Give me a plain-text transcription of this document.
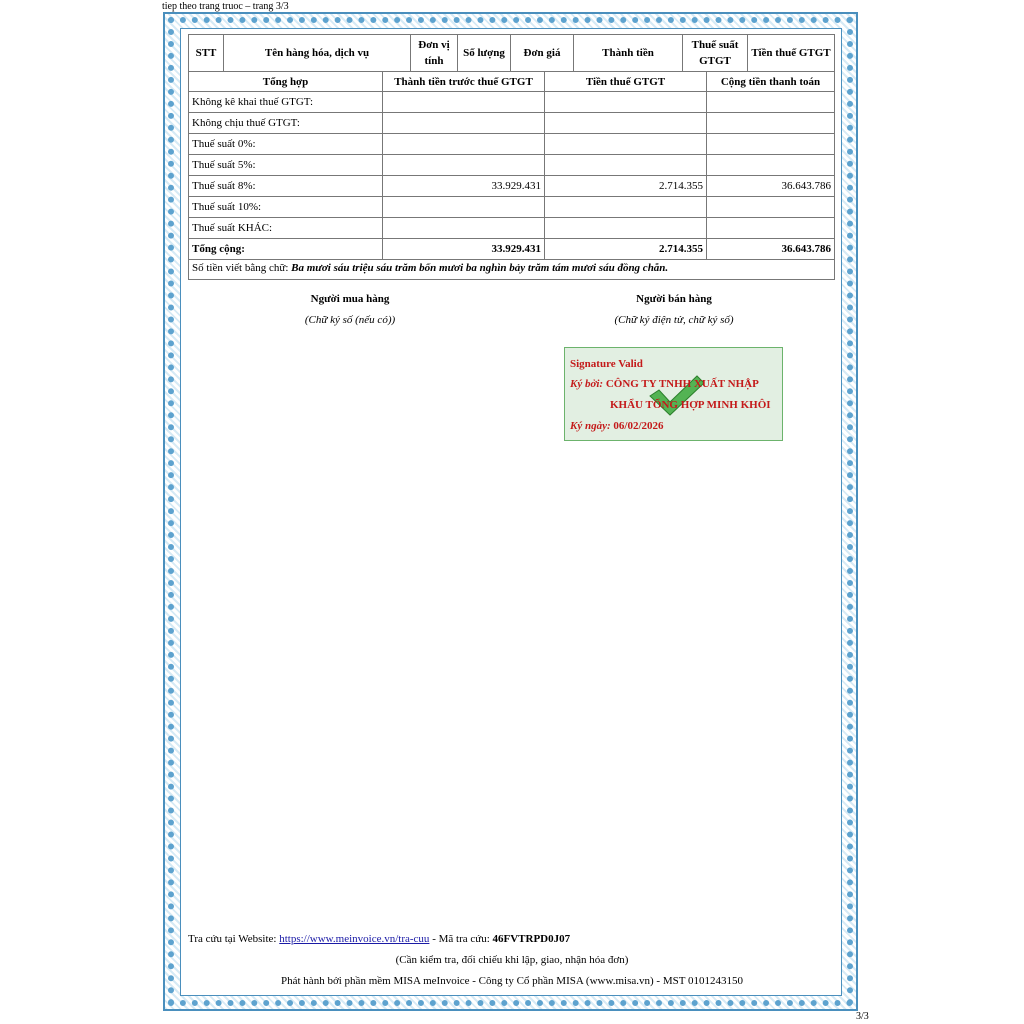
tiep theo trang truoc – trang 3/3
STT	Tên hàng hóa, dịch vụ	Đơn vị tính	Số lượng	Đơn giá	Thành tiền	Thuế suất GTGT	Tiền thuế GTGT
Tổng hợp	Thành tiền trước thuế GTGT	Tiền thuế GTGT	Cộng tiền thanh toán
Không kê khai thuế GTGT:			
Không chịu thuế GTGT:			
Thuế suất 0%:			
Thuế suất 5%:			
Thuế suất 8%:	33.929.431	2.714.355	36.643.786
Thuế suất 10%:			
Thuế suất KHÁC:			
Tổng cộng:	33.929.431	2.714.355	36.643.786
Số tiền viết bằng chữ: Ba mươi sáu triệu sáu trăm bốn mươi ba nghìn bảy trăm tám mươi sáu đồng chẵn.
Người mua hàng
(Chữ ký số (nếu có))
Người bán hàng
(Chữ ký điện tử, chữ ký số)
Signature Valid
Ký bởi: CÔNG TY TNHH XUẤT NHẬP
KHẨU TỔNG HỢP MINH KHÔI
Ký ngày: 06/02/2026
Tra cứu tại Website: https://www.meinvoice.vn/tra-cuu - Mã tra cứu: 46FVTRPD0J07
(Cần kiểm tra, đối chiếu khi lập, giao, nhận hóa đơn)
Phát hành bởi phần mềm MISA meInvoice - Công ty Cổ phần MISA (www.misa.vn) - MST 0101243150
3/3
